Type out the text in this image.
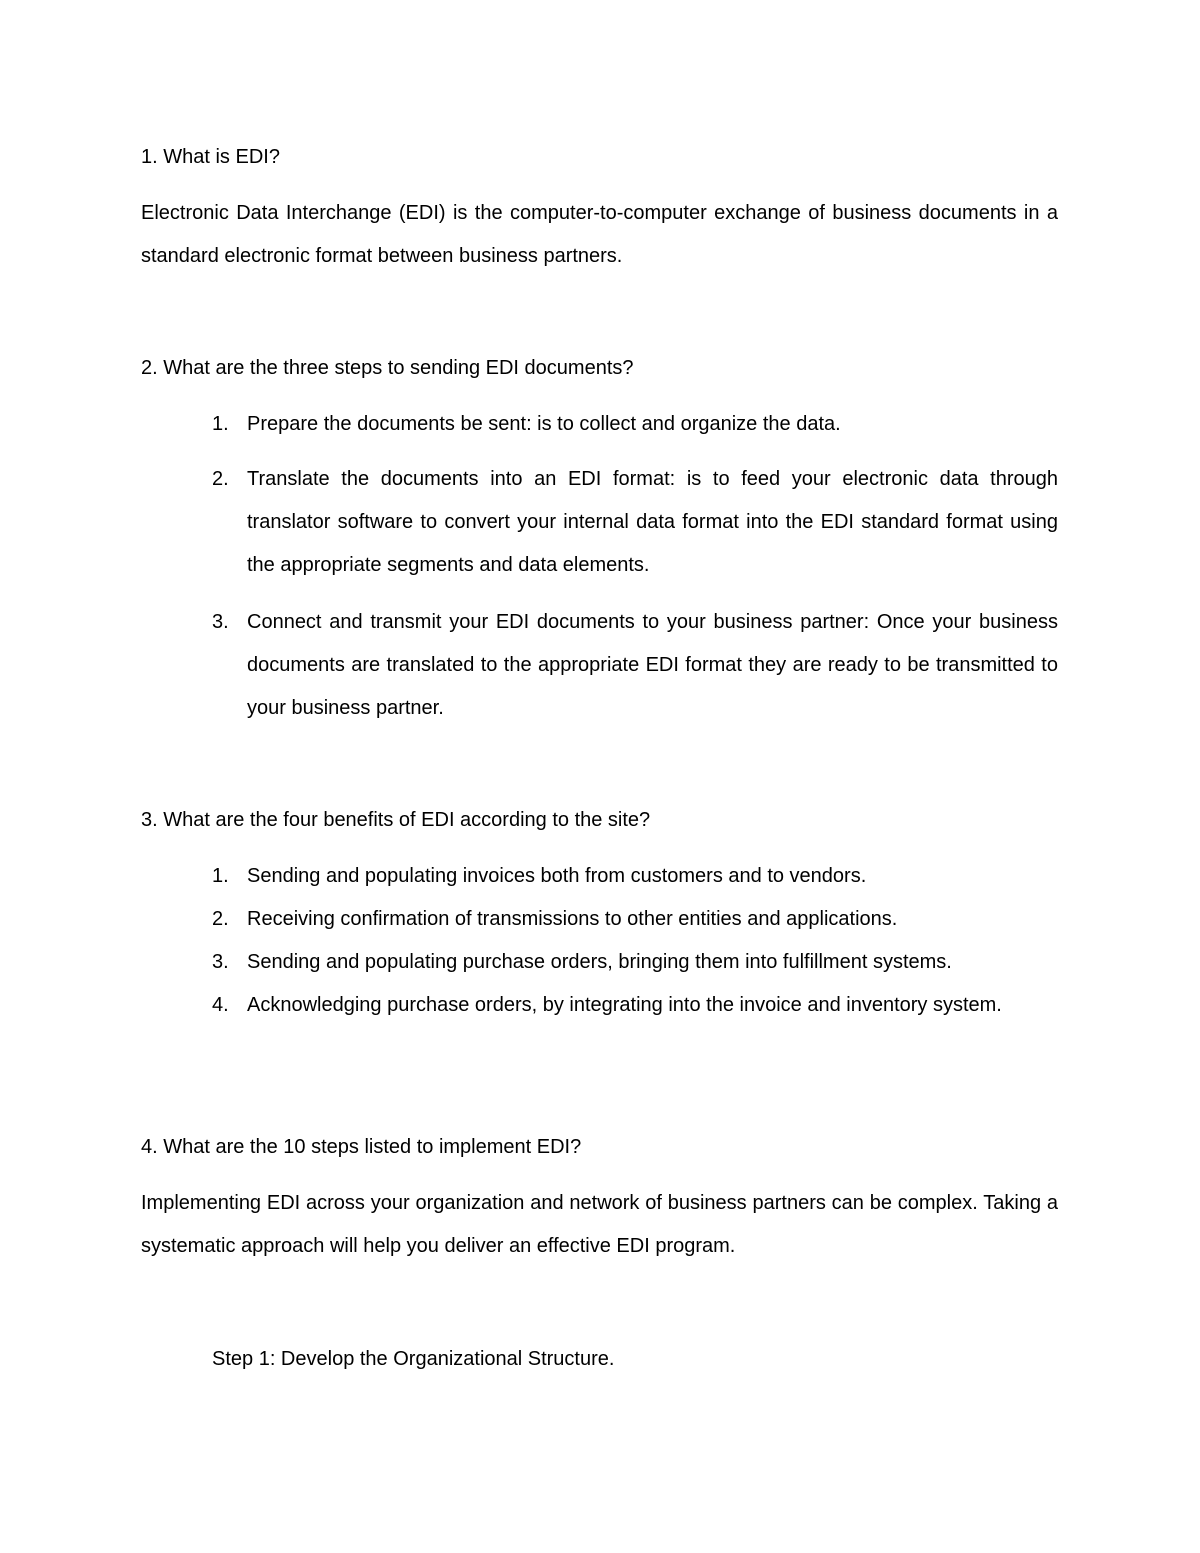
1. What is EDI?
Electronic Data Interchange (EDI) is the computer-to-computer exchange of business documents in a standard electronic format between business partners.
2. What are the three steps to sending EDI documents?
1. Prepare the documents be sent: is to collect and organize the data.
2. Translate the documents into an EDI format: is to feed your electronic data through translator software to convert your internal data format into the EDI standard format using the appropriate segments and data elements.
3. Connect and transmit your EDI documents to your business partner: Once your business documents are translated to the appropriate EDI format they are ready to be transmitted to your business partner.
3. What are the four benefits of EDI according to the site?
1. Sending and populating invoices both from customers and to vendors.
2. Receiving confirmation of transmissions to other entities and applications.
3. Sending and populating purchase orders, bringing them into fulfillment systems.
4. Acknowledging purchase orders, by integrating into the invoice and inventory system.
4. What are the 10 steps listed to implement EDI?
Implementing EDI across your organization and network of business partners can be complex. Taking a systematic approach will help you deliver an effective EDI program.
Step 1: Develop the Organizational Structure.
